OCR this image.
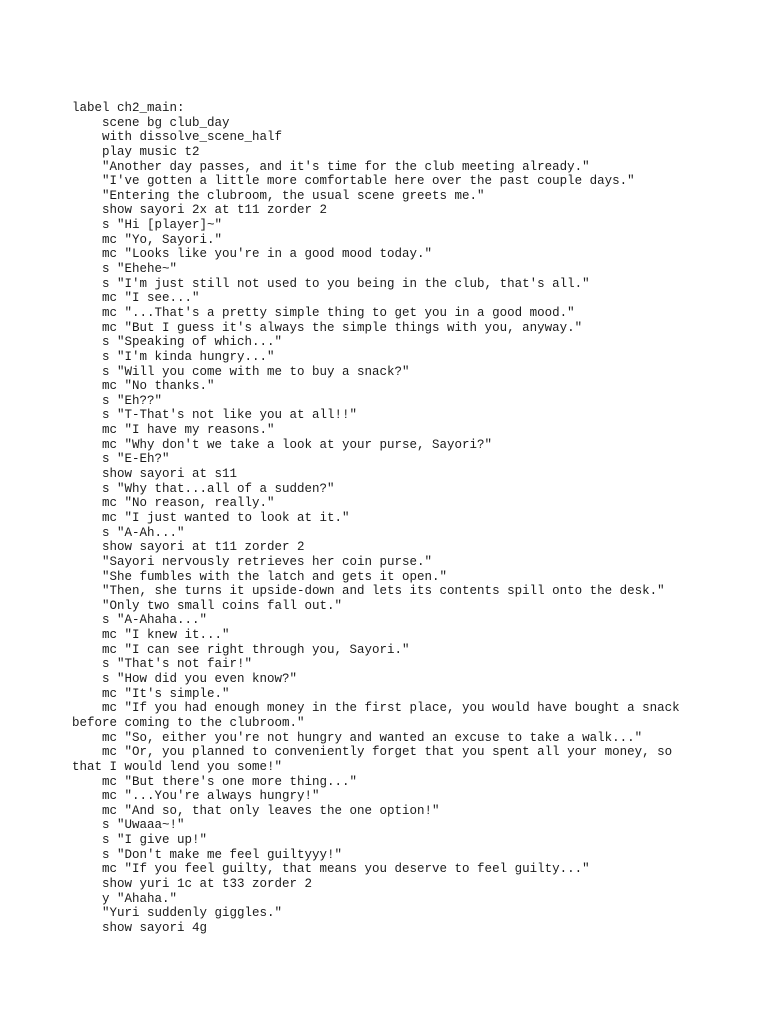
label ch2_main:
scene bg club_day
with dissolve_scene_half
play music t2
"Another day passes, and it's time for the club meeting already."
"I've gotten a little more comfortable here over the past couple days."
"Entering the clubroom, the usual scene greets me."
show sayori 2x at t11 zorder 2
s "Hi [player]~"
mc "Yo, Sayori."
mc "Looks like you're in a good mood today."
s "Ehehe~"
s "I'm just still not used to you being in the club, that's all."
mc "I see..."
mc "...That's a pretty simple thing to get you in a good mood."
mc "But I guess it's always the simple things with you, anyway."
s "Speaking of which..."
s "I'm kinda hungry..."
s "Will you come with me to buy a snack?"
mc "No thanks."
s "Eh??"
s "T-That's not like you at all!!"
mc "I have my reasons."
mc "Why don't we take a look at your purse, Sayori?"
s "E-Eh?"
show sayori at s11
s "Why that...all of a sudden?"
mc "No reason, really."
mc "I just wanted to look at it."
s "A-Ah..."
show sayori at t11 zorder 2
"Sayori nervously retrieves her coin purse."
"She fumbles with the latch and gets it open."
"Then, she turns it upside-down and lets its contents spill onto the desk."
"Only two small coins fall out."
s "A-Ahaha..."
mc "I knew it..."
mc "I can see right through you, Sayori."
s "That's not fair!"
s "How did you even know?"
mc "It's simple."
mc "If you had enough money in the first place, you would have bought a snack before coming to the clubroom."
mc "So, either you're not hungry and wanted an excuse to take a walk..."
mc "Or, you planned to conveniently forget that you spent all your money, so that I would lend you some!"
mc "But there's one more thing..."
mc "...You're always hungry!"
mc "And so, that only leaves the one option!"
s "Uwaaa~!"
s "I give up!"
s "Don't make me feel guiltyyy!"
mc "If you feel guilty, that means you deserve to feel guilty..."
show yuri 1c at t33 zorder 2
y "Ahaha."
"Yuri suddenly giggles."
show sayori 4g
